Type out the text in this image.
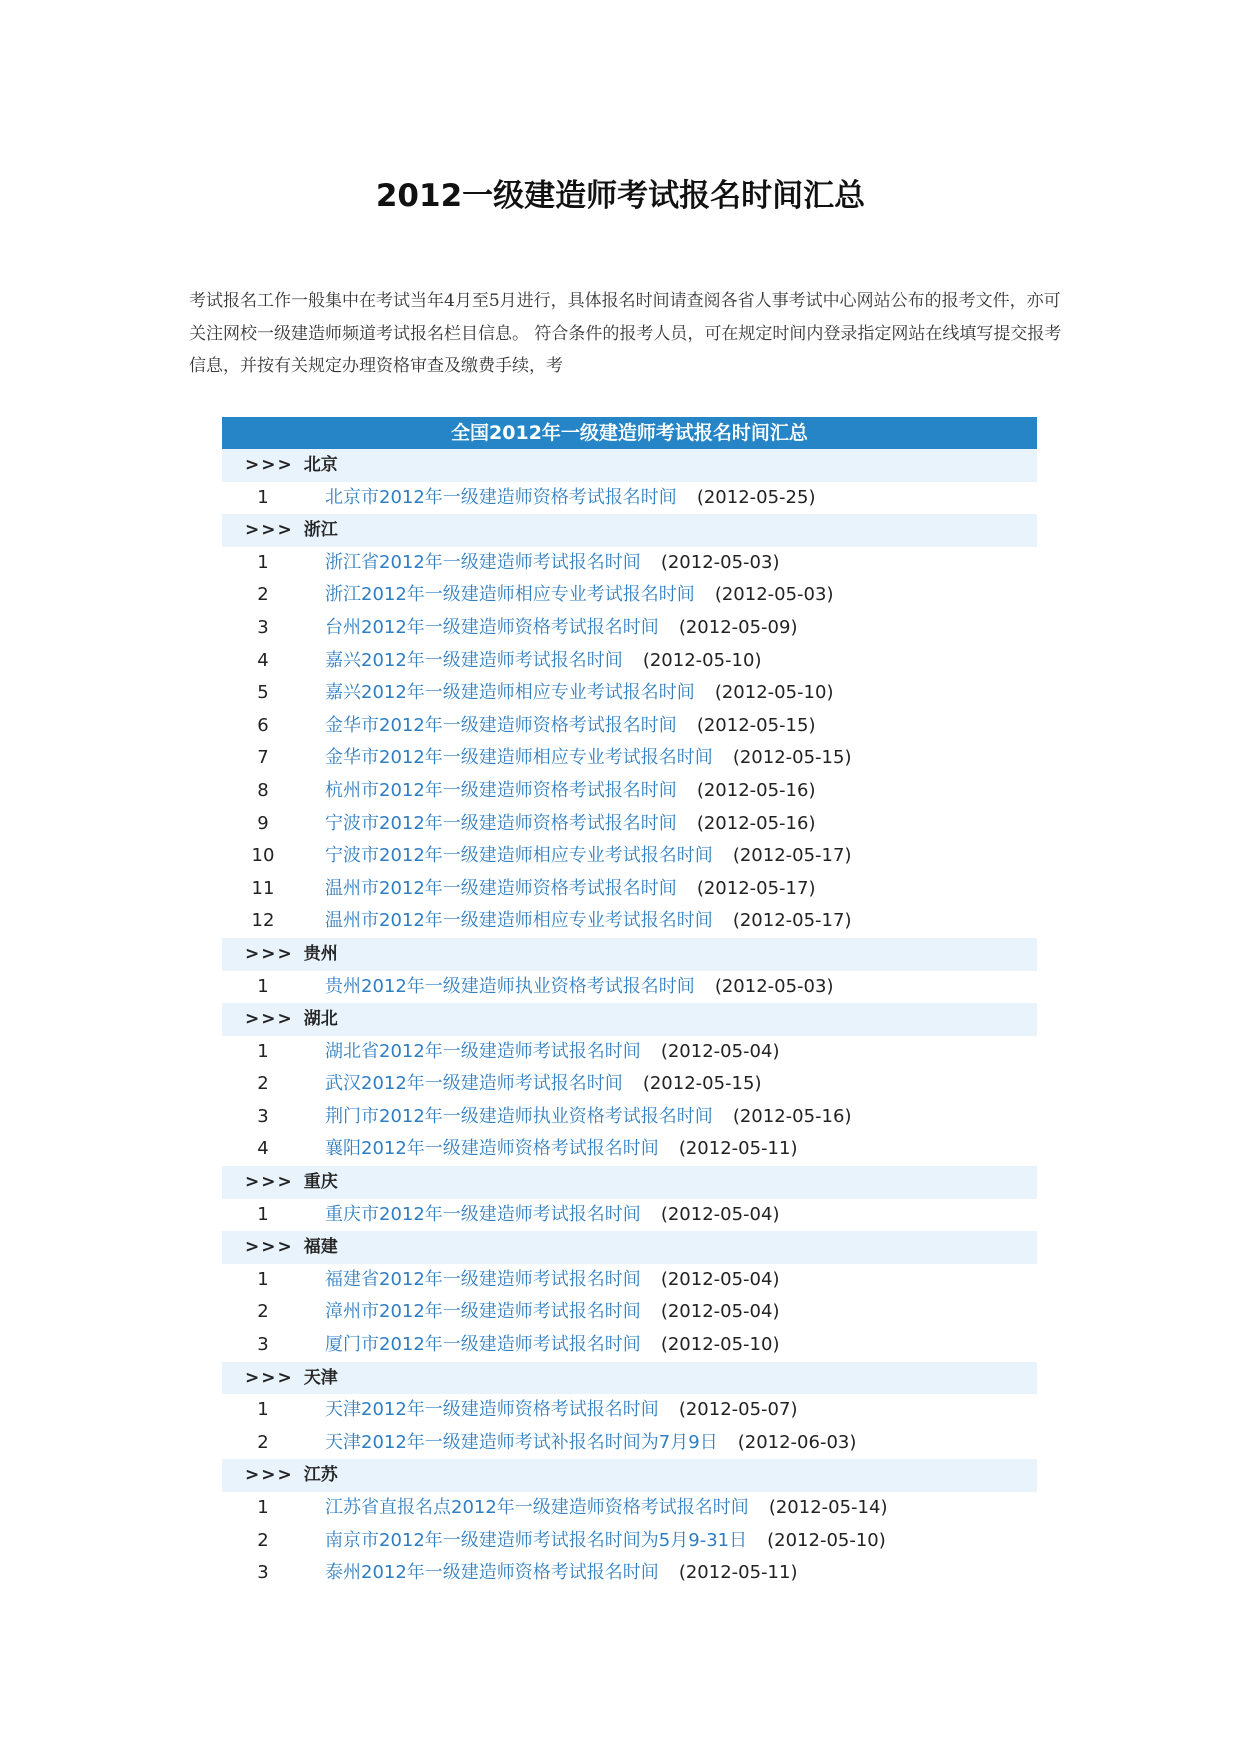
2012一级建造师考试报名时间汇总

考试报名工作一般集中在考试当年4月至5月进行，具体报名时间请查阅各省人事考试中心网站公布的报考文件，亦可关注网校一级建造师频道考试报名栏目信息。 符合条件的报考人员，可在规定时间内登录指定网站在线填写提交报考信息，并按有关规定办理资格审查及缴费手续，考

全国2012年一级建造师考试报名时间汇总
>>> 北京
1	北京市2012年一级建造师资格考试报名时间 (2012-05-25)
>>> 浙江
1	浙江省2012年一级建造师考试报名时间 (2012-05-03)
2	浙江2012年一级建造师相应专业考试报名时间 (2012-05-03)
3	台州2012年一级建造师资格考试报名时间 (2012-05-09)
4	嘉兴2012年一级建造师考试报名时间 (2012-05-10)
5	嘉兴2012年一级建造师相应专业考试报名时间 (2012-05-10)
6	金华市2012年一级建造师资格考试报名时间 (2012-05-15)
7	金华市2012年一级建造师相应专业考试报名时间 (2012-05-15)
8	杭州市2012年一级建造师资格考试报名时间 (2012-05-16)
9	宁波市2012年一级建造师资格考试报名时间 (2012-05-16)
10	宁波市2012年一级建造师相应专业考试报名时间 (2012-05-17)
11	温州市2012年一级建造师资格考试报名时间 (2012-05-17)
12	温州市2012年一级建造师相应专业考试报名时间 (2012-05-17)
>>> 贵州
1	贵州2012年一级建造师执业资格考试报名时间 (2012-05-03)
>>> 湖北
1	湖北省2012年一级建造师考试报名时间 (2012-05-04)
2	武汉2012年一级建造师考试报名时间 (2012-05-15)
3	荆门市2012年一级建造师执业资格考试报名时间 (2012-05-16)
4	襄阳2012年一级建造师资格考试报名时间 (2012-05-11)
>>> 重庆
1	重庆市2012年一级建造师考试报名时间 (2012-05-04)
>>> 福建
1	福建省2012年一级建造师考试报名时间 (2012-05-04)
2	漳州市2012年一级建造师考试报名时间 (2012-05-04)
3	厦门市2012年一级建造师考试报名时间 (2012-05-10)
>>> 天津
1	天津2012年一级建造师资格考试报名时间 (2012-05-07)
2	天津2012年一级建造师考试补报名时间为7月9日 (2012-06-03)
>>> 江苏
1	江苏省直报名点2012年一级建造师资格考试报名时间 (2012-05-14)
2	南京市2012年一级建造师考试报名时间为5月9-31日 (2012-05-10)
3	泰州2012年一级建造师资格考试报名时间 (2012-05-11)
